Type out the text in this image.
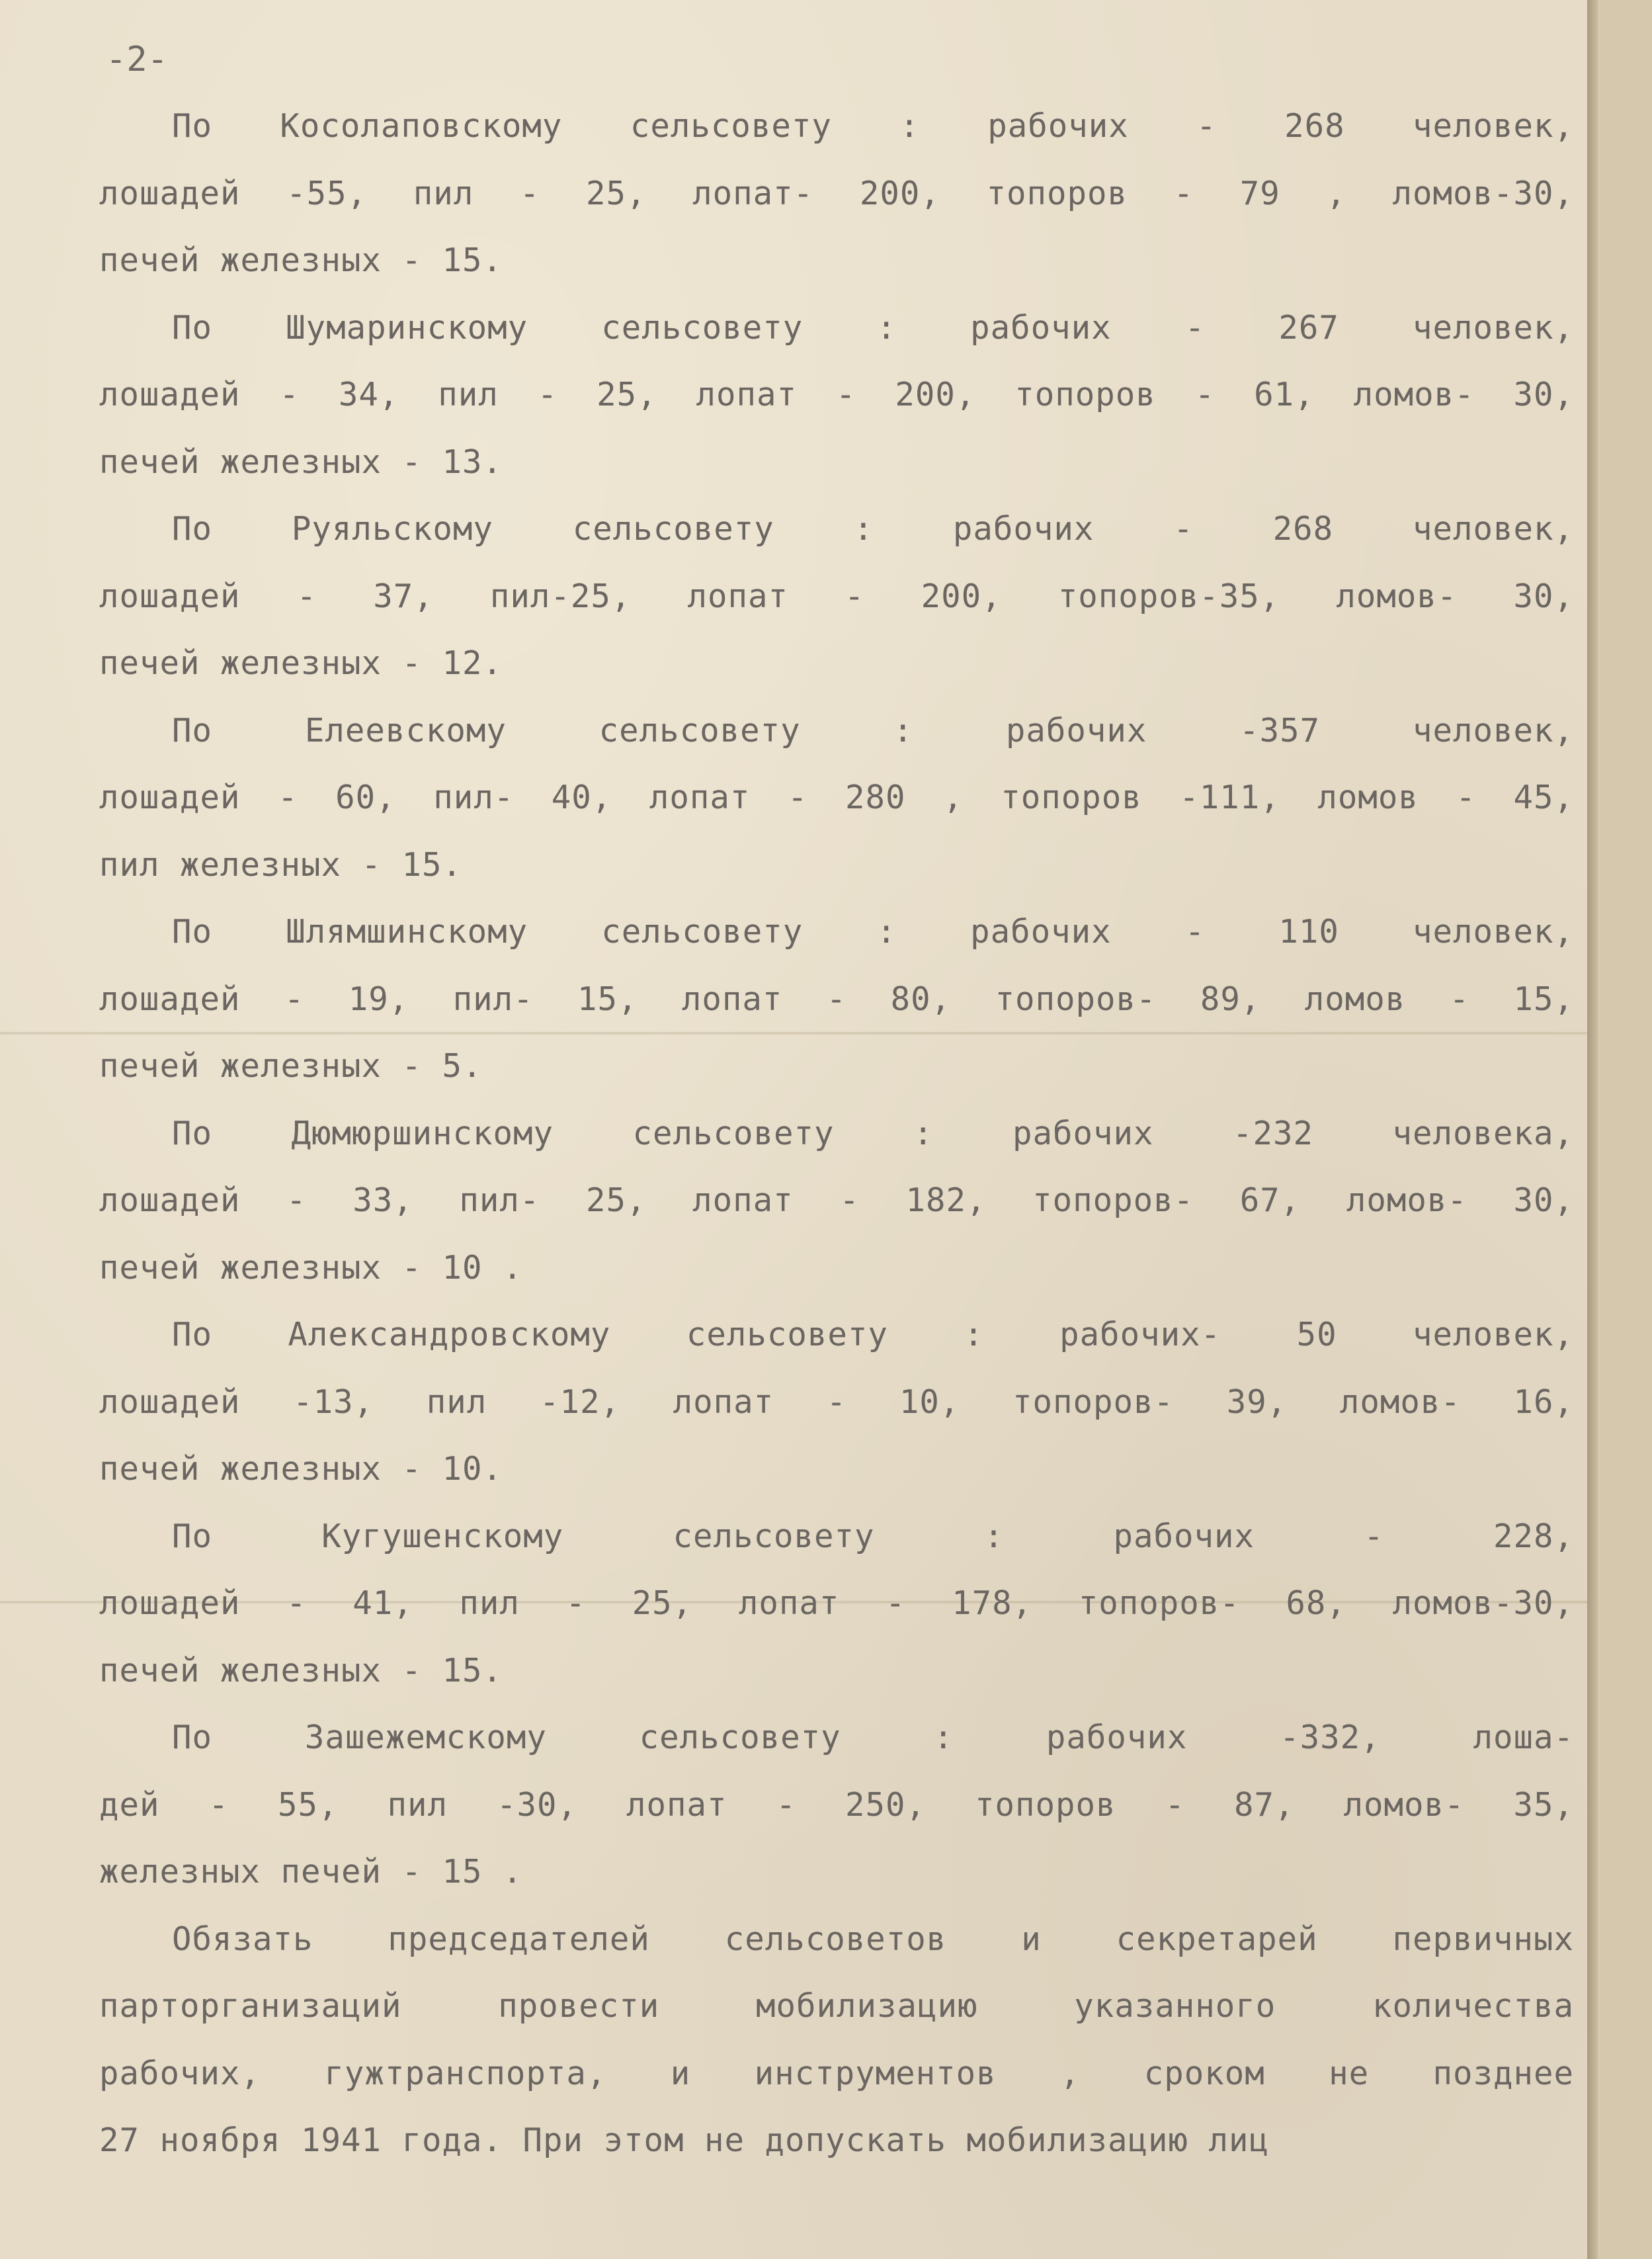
-2-
По Косолаповскому сельсовету : рабочих - 268 человек,
лошадей -55, пил - 25, лопат- 200, топоров - 79 , ломов-30,
печей железных - 15.
По Шумаринскому сельсовету : рабочих - 267 человек,
лошадей - 34, пил - 25, лопат - 200, топоров - 61, ломов- 30,
печей железных - 13.
По Руяльскому сельсовету : рабочих - 268 человек,
лошадей - 37, пил-25, лопат - 200, топоров-35, ломов- 30,
печей железных - 12.
По Елеевскому сельсовету : рабочих -357 человек,
лошадей - 60, пил- 40, лопат - 280 , топоров -111, ломов - 45,
пил железных - 15.
По Шлямшинскому сельсовету : рабочих - 110 человек,
лошадей - 19, пил- 15, лопат - 80, топоров- 89, ломов - 15,
печей железных - 5.
По Дюмюршинскому сельсовету : рабочих -232 человека,
лошадей - 33, пил- 25, лопат - 182, топоров- 67, ломов- 30,
печей железных - 10 .
По Александровскому сельсовету : рабочих- 50 человек,
лошадей -13, пил -12, лопат - 10, топоров- 39, ломов- 16,
печей железных - 10.
По Кугушенскому сельсовету : рабочих - 228,
лошадей - 41, пил - 25, лопат - 178, топоров- 68, ломов-30,
печей железных - 15.
По Зашежемскому сельсовету : рабочих -332, лоша-
дей - 55, пил -30, лопат - 250, топоров - 87, ломов- 35,
железных печей - 15 .
Обязать председателей сельсоветов и секретарей первичных
парторганизаций провести мобилизацию указанного количества
рабочих, гужтранспорта, и инструментов , сроком не позднее
27 ноября 1941 года. При этом не допускать мобилизацию лиц
